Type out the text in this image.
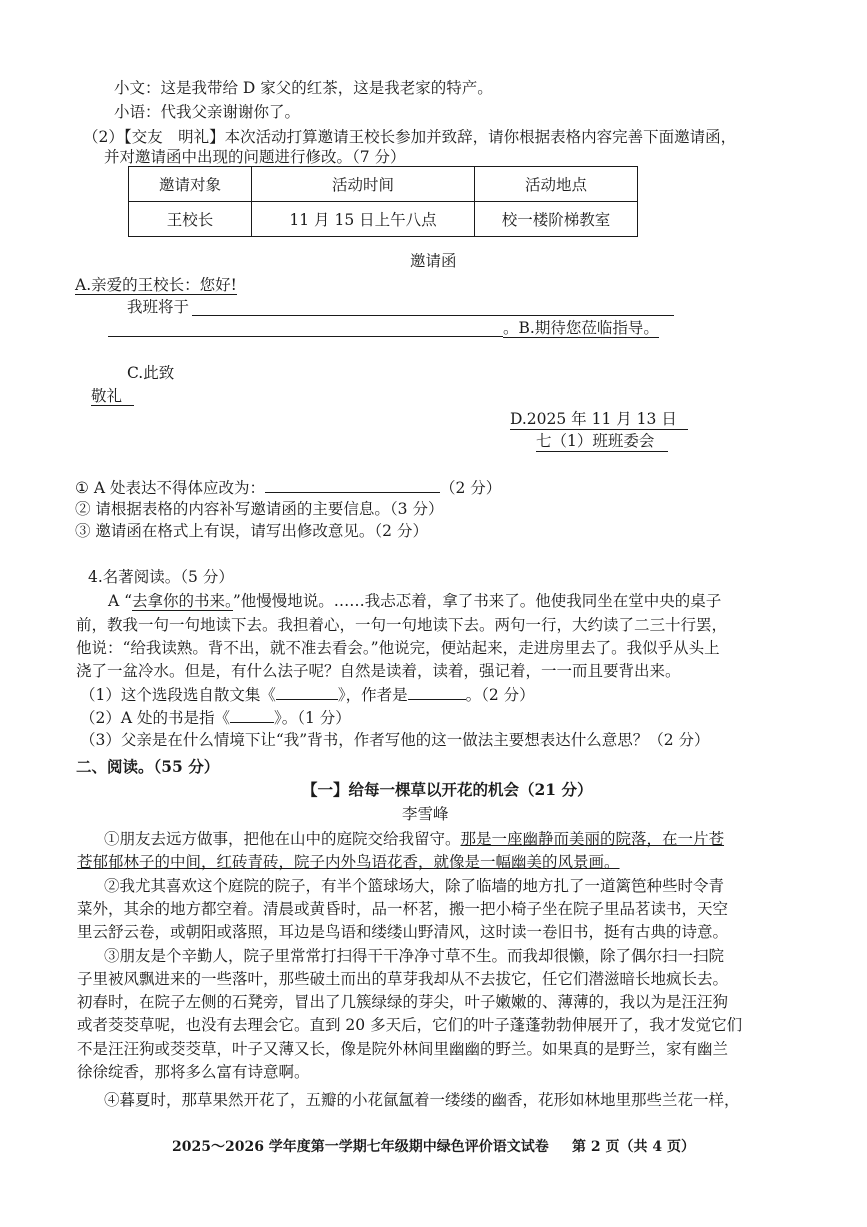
小文：这是我带给 D 家父的红茶，这是我老家的特产。
小语：代我父亲谢谢你了。
（2）【交友　明礼】本次活动打算邀请王校长参加并致辞，请你根据表格内容完善下面邀请函，
并对邀请函中出现的问题进行修改。（7 分）
邀请对象	活动时间	活动地点
王校长	11 月 15 日上午八点	校一楼阶梯教室
邀请函
A.亲爱的王校长：您好!
我班将于
。B.期待您莅临指导。
C.此致
敬礼
D.2025 年 11 月 13 日
七（1）班班委会
① A 处表达不得体应改为：	（2 分）
② 请根据表格的内容补写邀请函的主要信息。（3 分）
③ 邀请函在格式上有误，请写出修改意见。（2 分）
4.名著阅读。（5 分）
A “去拿你的书来。”他慢慢地说。……我忐忑着，拿了书来了。他使我同坐在堂中央的桌子
前，教我一句一句地读下去。我担着心，一句一句地读下去。两句一行，大约读了二三十行罢，
他说：“给我读熟。背不出，就不准去看会。”他说完，便站起来，走进房里去了。我似乎从头上
浇了一盆冷水。但是，有什么法子呢？自然是读着，读着，强记着，一一而且要背出来。
（1）这个选段选自散文集《	》，作者是	。（2 分）
（2）A 处的书是指《	》。（1 分）
（3）父亲是在什么情境下让“我”背书，作者写他的这一做法主要想表达什么意思？（2 分）
二、阅读。（55 分）
【一】给每一棵草以开花的机会（21 分）
李雪峰
①朋友去远方做事，把他在山中的庭院交给我留守。那是一座幽静而美丽的院落，在一片苍
苍郁郁林子的中间，红砖青砖，院子内外鸟语花香，就像是一幅幽美的风景画。
②我尤其喜欢这个庭院的院子，有半个篮球场大，除了临墙的地方扎了一道篱笆种些时令青
菜外，其余的地方都空着。清晨或黄昏时，品一杯茗，搬一把小椅子坐在院子里品茗读书，天空
里云舒云卷，或朝阳或落照，耳边是鸟语和缕缕山野清风，这时读一卷旧书，挺有古典的诗意。
③朋友是个辛勤人，院子里常常打扫得干干净净寸草不生。而我却很懒，除了偶尔扫一扫院
子里被风飘进来的一些落叶，那些破土而出的草芽我却从不去拔它，任它们潜滋暗长地疯长去。
初春时，在院子左侧的石凳旁，冒出了几簇绿绿的芽尖，叶子嫩嫩的、薄薄的，我以为是汪汪狗
或者茭茭草呢，也没有去理会它。直到 20 多天后，它们的叶子蓬蓬勃勃伸展开了，我才发觉它们
不是汪汪狗或茭茭草，叶子又薄又长，像是院外林间里幽幽的野兰。如果真的是野兰，家有幽兰
徐徐绽香，那将多么富有诗意啊。
④暮夏时，那草果然开花了，五瓣的小花氤氲着一缕缕的幽香，花形如林地里那些兰花一样，
2025～2026 学年度第一学期七年级期中绿色评价语文试卷 第 2 页（共 4 页）
